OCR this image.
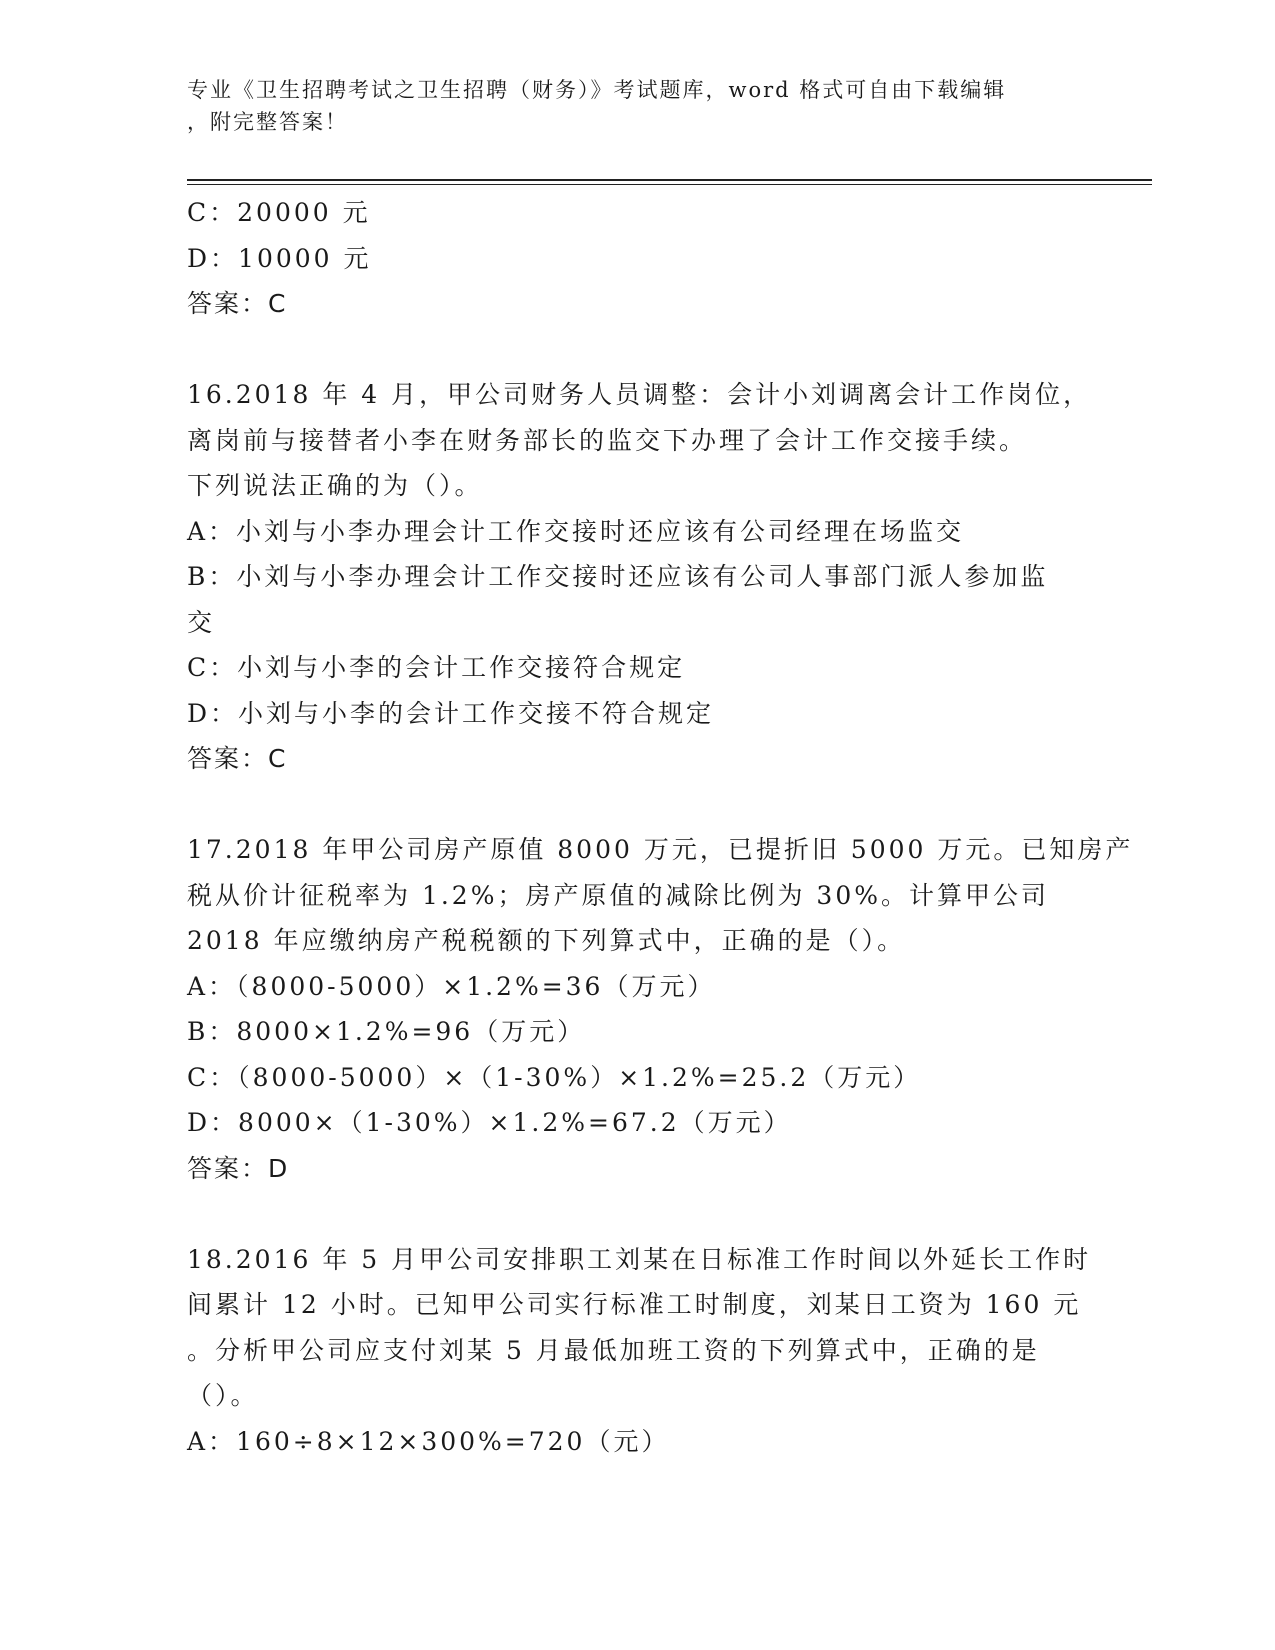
专业《卫生招聘考试之卫生招聘（财务）》考试题库，word 格式可自由下载编辑
，附完整答案！
C：20000 元
D：10000 元
答案：C
16.2018 年 4 月，甲公司财务人员调整：会计小刘调离会计工作岗位，
离岗前与接替者小李在财务部长的监交下办理了会计工作交接手续。
下列说法正确的为（）。
A：小刘与小李办理会计工作交接时还应该有公司经理在场监交
B：小刘与小李办理会计工作交接时还应该有公司人事部门派人参加监
交
C：小刘与小李的会计工作交接符合规定
D：小刘与小李的会计工作交接不符合规定
答案：C
17.2018 年甲公司房产原值 8000 万元，已提折旧 5000 万元。已知房产
税从价计征税率为 1.2%；房产原值的减除比例为 30%。计算甲公司
2018 年应缴纳房产税税额的下列算式中，正确的是（）。
A：（8000-5000）×1.2%=36（万元）
B：8000×1.2%=96（万元）
C：（8000-5000）×（1-30%）×1.2%=25.2（万元）
D：8000×（1-30%）×1.2%=67.2（万元）
答案：D
18.2016 年 5 月甲公司安排职工刘某在日标准工作时间以外延长工作时
间累计 12 小时。已知甲公司实行标准工时制度，刘某日工资为 160 元
。分析甲公司应支付刘某 5 月最低加班工资的下列算式中，正确的是
（）。
A：160÷8×12×300%=720（元）
